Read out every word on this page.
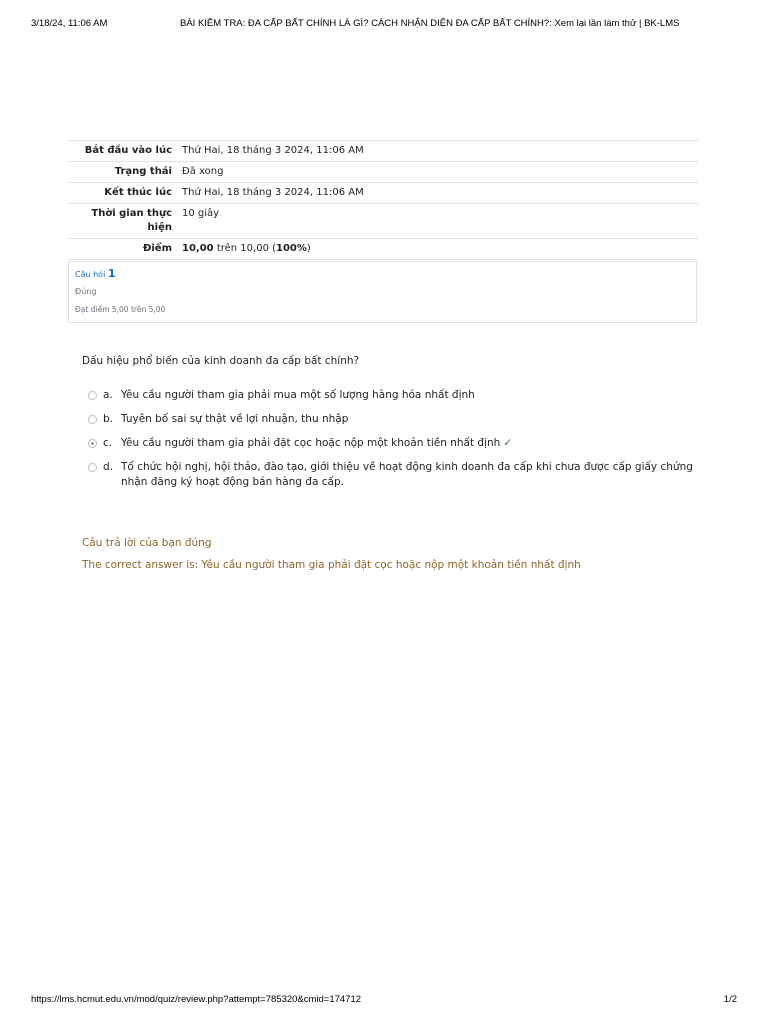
3/18/24, 11:06 AM	BÀI KIỂM TRA: ĐA CẤP BẤT CHÍNH LÀ GÌ? CÁCH NHẬN DIỆN ĐA CẤP BẤT CHÍNH?: Xem lại lần làm thử | BK-LMS
Bắt đầu vào lúc	Thứ Hai, 18 tháng 3 2024, 11:06 AM
Trạng thái	Đã xong
Kết thúc lúc	Thứ Hai, 18 tháng 3 2024, 11:06 AM
Thời gian thực hiện	10 giây
Điểm	10,00 trên 10,00 (100%)
Câu hỏi 1
Đúng
Đạt điểm 5,00 trên 5,00
Dấu hiệu phổ biến của kinh doanh đa cấp bất chính?
a. Yêu cầu người tham gia phải mua một số lượng hàng hóa nhất định
b. Tuyên bố sai sự thật về lợi nhuận, thu nhập
c. Yêu cầu người tham gia phải đặt cọc hoặc nộp một khoản tiền nhất định ✓
d. Tổ chức hội nghị, hội thảo, đào tạo, giới thiệu về hoạt động kinh doanh đa cấp khi chưa được cấp giấy chứng nhận đăng ký hoạt động bán hàng đa cấp.
Câu trả lời của bạn đúng
The correct answer is: Yêu cầu người tham gia phải đặt cọc hoặc nộp một khoản tiền nhất định
https://lms.hcmut.edu.vn/mod/quiz/review.php?attempt=785320&cmid=174712	1/2
